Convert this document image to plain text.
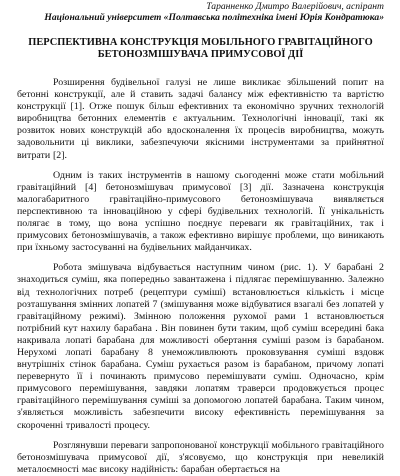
Таранненко Дмитро Валерійович, аспірант

Національний університет «Полтавська політехніка імені Юрія Кондратюка»

ПЕРСПЕКТИВНА КОНСТРУКЦІЯ МОБІЛЬНОГО ГРАВІТАЦІЙНОГО
БЕТОНОЗМІШУВАЧА ПРИМУСОВОЇ ДІЇ

Розширення будівельної галузі не лише викликає збільшений попит на бетонні конструкції, але й ставить задачі балансу між ефективністю та вартістю конструкції [1]. Отже пошук більш ефективних та економічно зручних технологій виробництва бетонних елементів є актуальним. Технологічні інновації, такі як розвиток нових конструкцій або вдосконалення їх процесів виробництва, можуть задовольнити ці виклики, забезпечуючи якісними інструментами за прийнятної витрати [2].

Одним із таких інструментів в нашому сьогоденні може стати мобільний гравітаційний [4] бетонозмішувач примусової [3] дії. Зазначена конструкція малогабаритного гравітаційно-примусового бетонозмішувача виявляється перспективною та інноваційною у сфері будівельних технологій. Її унікальність полягає в тому, що вона успішно поєднує переваги як гравітаційних, так і примусових бетонозмішувачів, а також ефективно вирішує проблеми, що виникають при їхньому застосуванні на будівельних майданчиках.

Робота змішувача відбувається наступним чином (рис. 1). У барабані 2 знаходиться суміш, яка попередньо завантажена і підлягає перемішуванню. Залежно від технологічних потреб (рецептури суміші) встановлюється кількість і місце розташування змінних лопатей 7 (змішування може відбуватися взагалі без лопатей у гравітаційному режимі). Змінною положення рухомої рами 1 встановлюється потрібний кут нахилу барабана . Він повинен бути таким, щоб суміш всередині бака накривала лопаті барабана для можливості обертання суміші разом із барабаном. Нерухомі лопаті барабану 8 унеможливлюють проковзування суміші вздовж внутрішніх стінок барабана. Суміш рухається разом із барабаном, причому лопаті перевернуто її і починають примусово перемішувати суміш. Одночасно, крім примусового перемішування, завдяки лопатям траверси продовжується процес гравітаційного перемішування суміші за допомогою лопатей барабана. Таким чином, з'являється можливість забезпечити високу ефективність перемішування за скороченні тривалості процесу.

Розглянувши переваги запропонованої конструкції мобільного гравітаційного бетонозмішувача примусової дії, з'ясовуємо, що конструкція при невеликій металоємності має високу надійність: барабан обертається на
